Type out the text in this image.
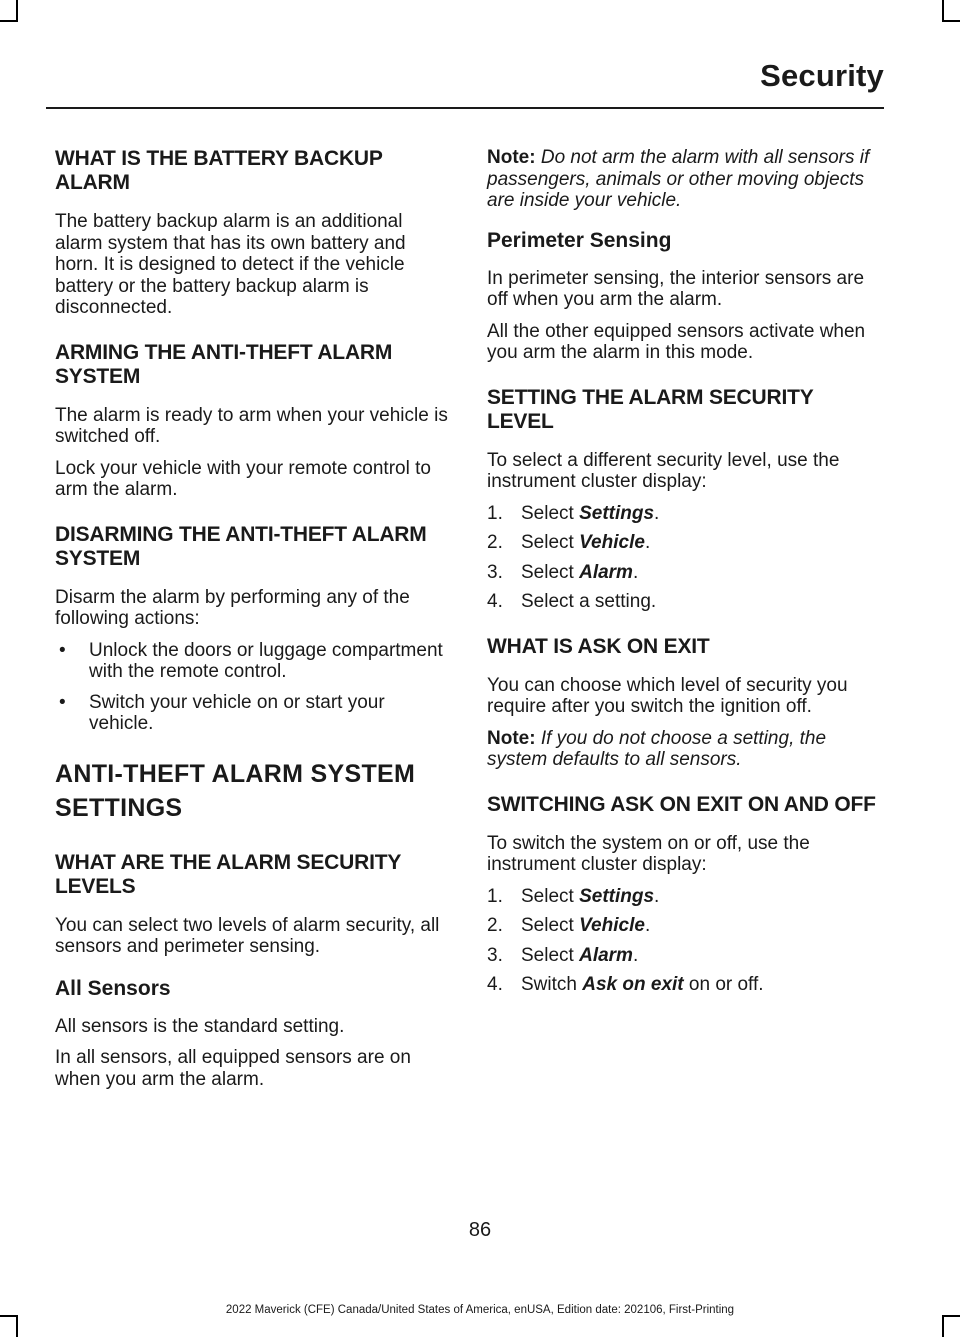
Security
WHAT IS THE BATTERY BACKUP ALARM

The battery backup alarm is an additional alarm system that has its own battery and horn. It is designed to detect if the vehicle battery or the battery backup alarm is disconnected.

ARMING THE ANTI-THEFT ALARM SYSTEM

The alarm is ready to arm when your vehicle is switched off.

Lock your vehicle with your remote control to arm the alarm.

DISARMING THE ANTI-THEFT ALARM SYSTEM

Disarm the alarm by performing any of the following actions:

• Unlock the doors or luggage compartment with the remote control.
• Switch your vehicle on or start your vehicle.
ANTI-THEFT ALARM SYSTEM
SETTINGS
WHAT ARE THE ALARM SECURITY LEVELS

You can select two levels of alarm security, all sensors and perimeter sensing.

All Sensors

All sensors is the standard setting.

In all sensors, all equipped sensors are on when you arm the alarm.

Note: Do not arm the alarm with all sensors if passengers, animals or other moving objects are inside your vehicle.

Perimeter Sensing

In perimeter sensing, the interior sensors are off when you arm the alarm.

All the other equipped sensors activate when you arm the alarm in this mode.

SETTING THE ALARM SECURITY LEVEL

To select a different security level, use the instrument cluster display:

1. Select Settings.
2. Select Vehicle.
3. Select Alarm.
4. Select a setting.
WHAT IS ASK ON EXIT

You can choose which level of security you require after you switch the ignition off.

Note: If you do not choose a setting, the system defaults to all sensors.

SWITCHING ASK ON EXIT ON AND OFF

To switch the system on or off, use the instrument cluster display:

1. Select Settings.
2. Select Vehicle.
3. Select Alarm.
4. Switch Ask on exit on or off.
86
2022 Maverick (CFE) Canada/United States of America, enUSA, Edition date: 202106, First-Printing
